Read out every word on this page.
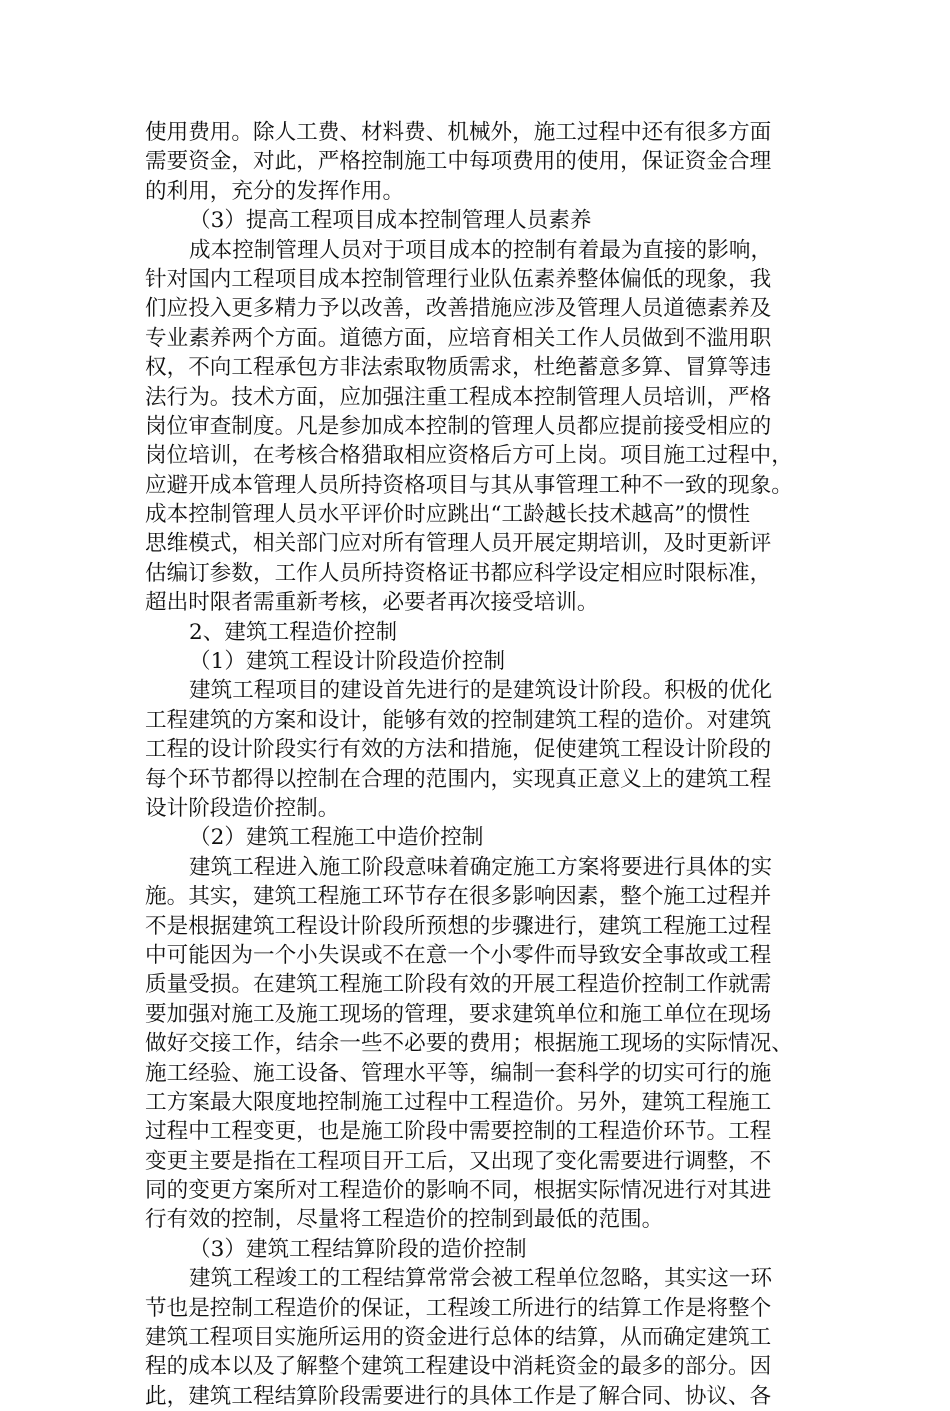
使用费用。除人工费、材料费、机械外，施工过程中还有很多方面
需要资金，对此，严格控制施工中每项费用的使用，保证资金合理
的利用，充分的发挥作用。
（3）提高工程项目成本控制管理人员素养
成本控制管理人员对于项目成本的控制有着最为直接的影响，
针对国内工程项目成本控制管理行业队伍素养整体偏低的现象，我
们应投入更多精力予以改善，改善措施应涉及管理人员道德素养及
专业素养两个方面。道德方面，应培育相关工作人员做到不滥用职
权，不向工程承包方非法索取物质需求，杜绝蓄意多算、冒算等违
法行为。技术方面，应加强注重工程成本控制管理人员培训，严格
岗位审查制度。凡是参加成本控制的管理人员都应提前接受相应的
岗位培训，在考核合格猎取相应资格后方可上岗。项目施工过程中，
应避开成本管理人员所持资格项目与其从事管理工种不一致的现象。
成本控制管理人员水平评价时应跳出“工龄越长技术越高”的惯性
思维模式，相关部门应对所有管理人员开展定期培训，及时更新评
估编订参数，工作人员所持资格证书都应科学设定相应时限标准，
超出时限者需重新考核，必要者再次接受培训。
2、建筑工程造价控制
（1）建筑工程设计阶段造价控制
建筑工程项目的建设首先进行的是建筑设计阶段。积极的优化
工程建筑的方案和设计，能够有效的控制建筑工程的造价。对建筑
工程的设计阶段实行有效的方法和措施，促使建筑工程设计阶段的
每个环节都得以控制在合理的范围内，实现真正意义上的建筑工程
设计阶段造价控制。
（2）建筑工程施工中造价控制
建筑工程进入施工阶段意味着确定施工方案将要进行具体的实
施。其实，建筑工程施工环节存在很多影响因素，整个施工过程并
不是根据建筑工程设计阶段所预想的步骤进行，建筑工程施工过程
中可能因为一个小失误或不在意一个小零件而导致安全事故或工程
质量受损。在建筑工程施工阶段有效的开展工程造价控制工作就需
要加强对施工及施工现场的管理，要求建筑单位和施工单位在现场
做好交接工作，结余一些不必要的费用；根据施工现场的实际情况、
施工经验、施工设备、管理水平等，编制一套科学的切实可行的施
工方案最大限度地控制施工过程中工程造价。另外，建筑工程施工
过程中工程变更，也是施工阶段中需要控制的工程造价环节。工程
变更主要是指在工程项目开工后，又出现了变化需要进行调整，不
同的变更方案所对工程造价的影响不同，根据实际情况进行对其进
行有效的控制，尽量将工程造价的控制到最低的范围。
（3）建筑工程结算阶段的造价控制
建筑工程竣工的工程结算常常会被工程单位忽略，其实这一环
节也是控制工程造价的保证，工程竣工所进行的结算工作是将整个
建筑工程项目实施所运用的资金进行总体的结算，从而确定建筑工
程的成本以及了解整个建筑工程建设中消耗资金的最多的部分。因
此，建筑工程结算阶段需要进行的具体工作是了解合同、协议、各
